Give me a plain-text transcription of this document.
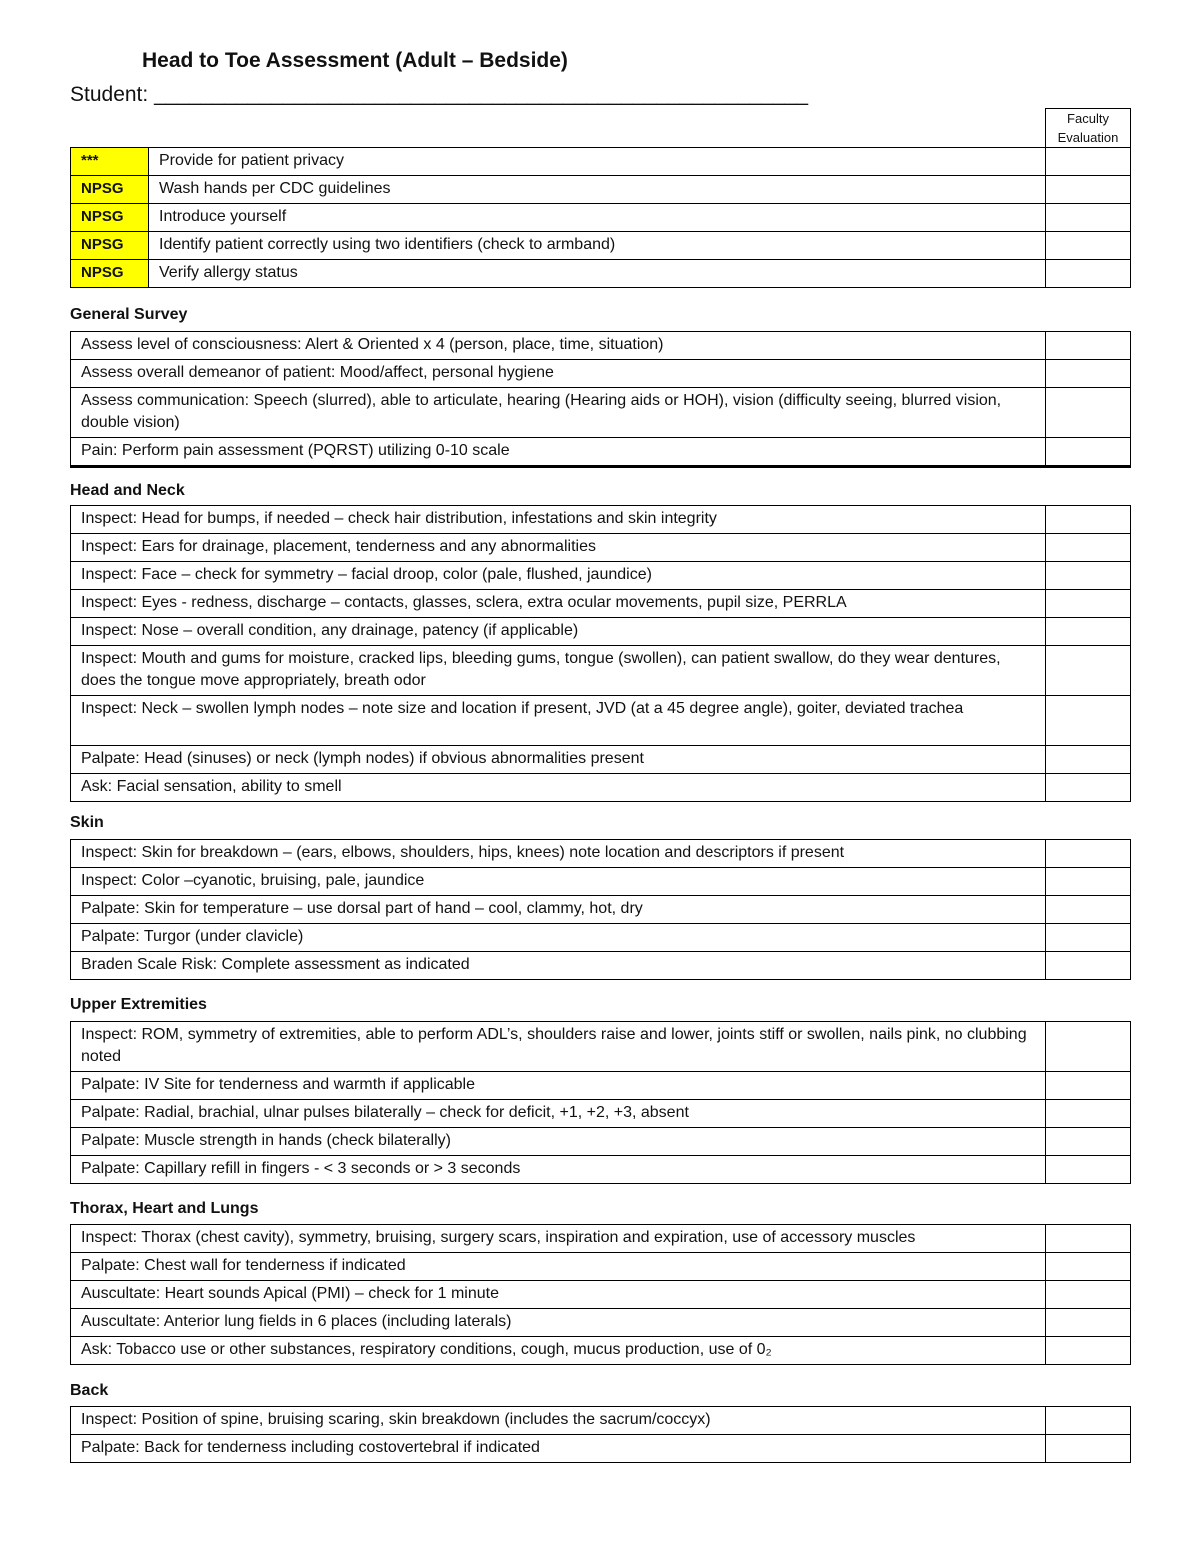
Head to Toe Assessment (Adult – Bedside)
Student: ________________________________________________________
		Faculty Evaluation
***	Provide for patient privacy	
NPSG	Wash hands per CDC guidelines	
NPSG	Introduce yourself	
NPSG	Identify patient correctly using two identifiers (check to armband)	
NPSG	Verify allergy status	
General Survey
Assess level of consciousness: Alert & Oriented x 4 (person, place, time, situation)	
Assess overall demeanor of patient: Mood/affect, personal hygiene	
Assess communication: Speech (slurred), able to articulate, hearing (Hearing aids or HOH), vision (difficulty seeing, blurred vision, double vision)	
Pain: Perform pain assessment (PQRST) utilizing 0-10 scale	
Head and Neck
Inspect: Head for bumps, if needed – check hair distribution, infestations and skin integrity	
Inspect: Ears for drainage, placement, tenderness and any abnormalities	
Inspect: Face – check for symmetry – facial droop, color (pale, flushed, jaundice)	
Inspect: Eyes - redness, discharge – contacts, glasses, sclera, extra ocular movements, pupil size, PERRLA	
Inspect: Nose – overall condition, any drainage, patency (if applicable)	
Inspect: Mouth and gums for moisture, cracked lips, bleeding gums, tongue (swollen), can patient swallow, do they wear dentures, does the tongue move appropriately, breath odor	
Inspect: Neck – swollen lymph nodes – note size and location if present, JVD (at a 45 degree angle), goiter, deviated trachea	
Palpate: Head (sinuses) or neck (lymph nodes) if obvious abnormalities present	
Ask: Facial sensation, ability to smell	
Skin
Inspect: Skin for breakdown – (ears, elbows, shoulders, hips, knees) note location and descriptors if present	
Inspect: Color –cyanotic, bruising, pale, jaundice	
Palpate: Skin for temperature – use dorsal part of hand – cool, clammy, hot, dry	
Palpate: Turgor (under clavicle)	
Braden Scale Risk: Complete assessment as indicated	
Upper Extremities
Inspect: ROM, symmetry of extremities, able to perform ADL’s, shoulders raise and lower, joints stiff or swollen, nails pink, no clubbing noted	
Palpate: IV Site for tenderness and warmth if applicable	
Palpate: Radial, brachial, ulnar pulses bilaterally – check for deficit, +1, +2, +3, absent	
Palpate: Muscle strength in hands (check bilaterally)	
Palpate: Capillary refill in fingers - < 3 seconds or > 3 seconds	
Thorax, Heart and Lungs
Inspect: Thorax (chest cavity), symmetry, bruising, surgery scars, inspiration and expiration, use of accessory muscles	
Palpate: Chest wall for tenderness if indicated	
Auscultate: Heart sounds Apical (PMI) – check for 1 minute	
Auscultate: Anterior lung fields in 6 places (including laterals)	
Ask: Tobacco use or other substances, respiratory conditions, cough, mucus production, use of 0₂	
Back
Inspect: Position of spine, bruising scaring, skin breakdown (includes the sacrum/coccyx)	
Palpate: Back for tenderness including costovertebral if indicated	
